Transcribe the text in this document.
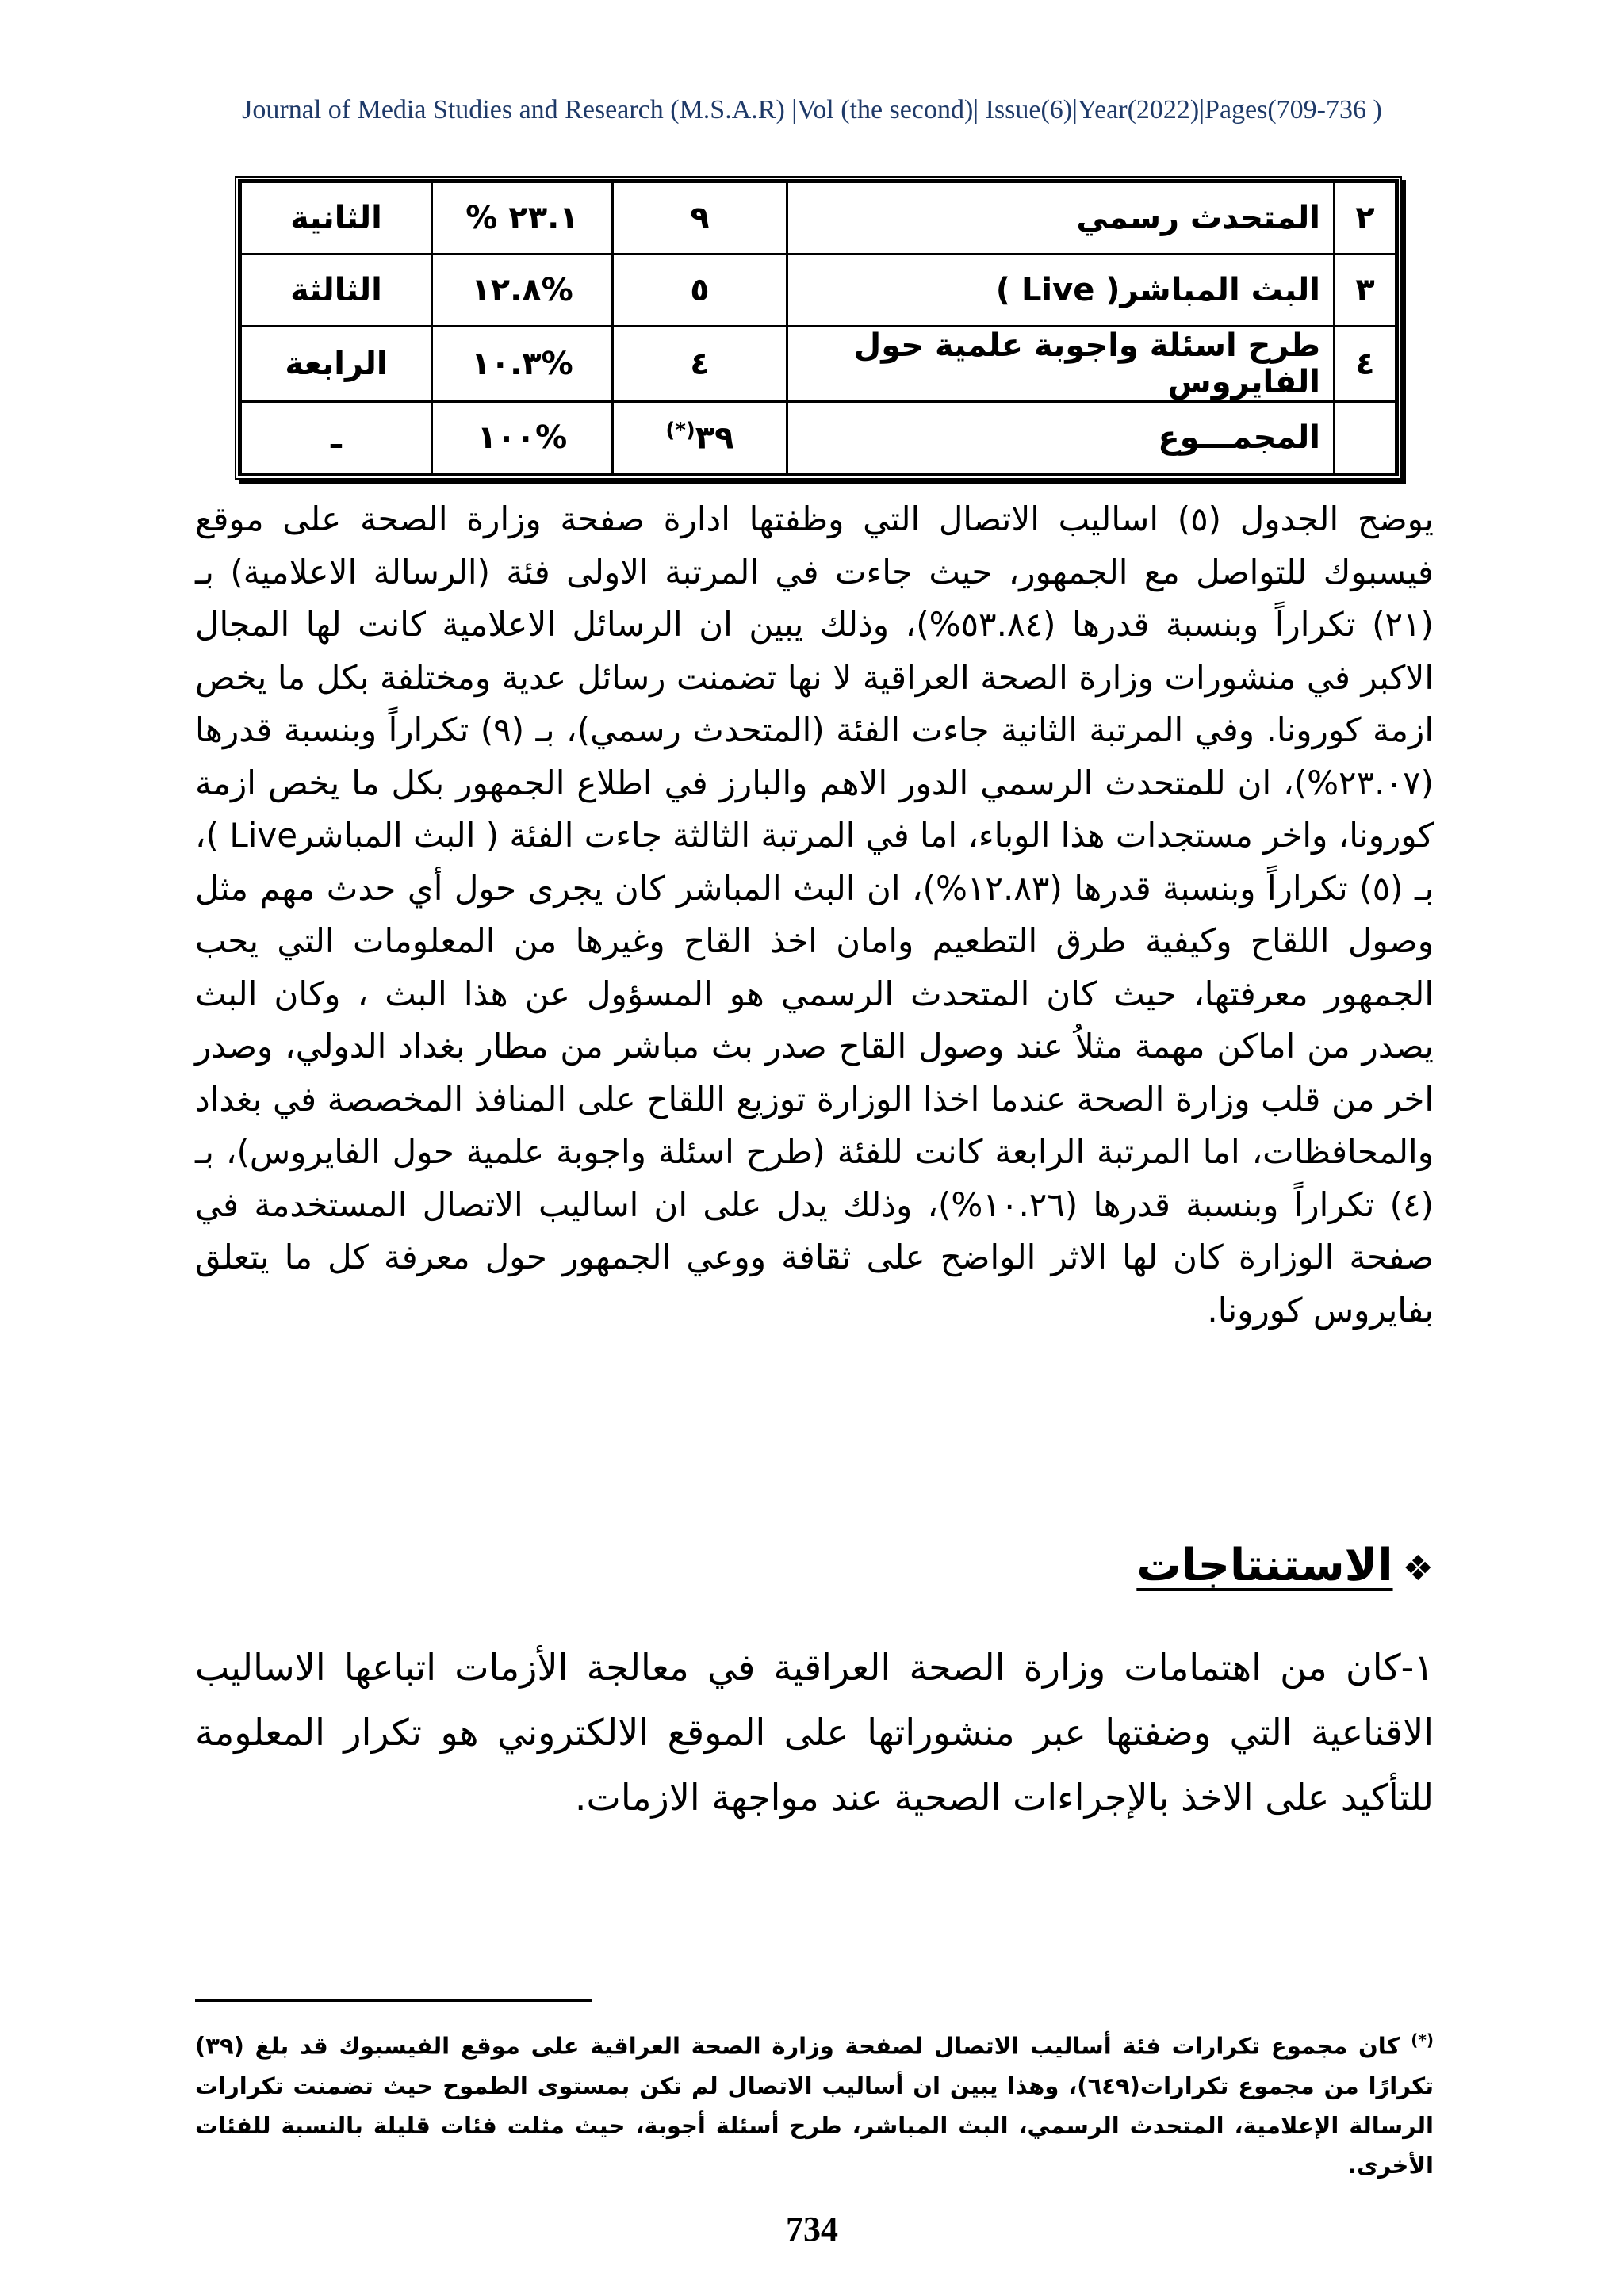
Journal of Media Studies and Research (M.S.A.R) |Vol (the second)| Issue(6)|Year(2022)|Pages(709-736 )
٢	المتحدث رسمي	٩	٢٣.١ %	الثانية
٣	البث المباشر( Live )	٥	%١٢.٨	الثالثة
٤	طرح اسئلة واجوبة علمية حول الفايروس	٤	%١٠.٣	الرابعة
	المجمـــوع	٣٩(*)	%١٠٠	ـ

يوضح الجدول (٥) اساليب الاتصال التي وظفتها ادارة صفحة وزارة الصحة على موقع فيسبوك للتواصل مع الجمهور، حيث جاءت في المرتبة الاولى فئة (الرسالة الاعلامية) بـ (٢١) تكراراً وبنسبة قدرها (٥٣.٨٤%)، وذلك يبين ان الرسائل الاعلامية كانت لها المجال الاكبر في منشورات وزارة الصحة العراقية لا نها تضمنت رسائل عدية ومختلفة بكل ما يخص ازمة كورونا. وفي المرتبة الثانية جاءت الفئة (المتحدث رسمي)، بـ (٩) تكراراً وبنسبة قدرها (٢٣.٠٧%)، ان للمتحدث الرسمي الدور الاهم والبارز في اطلاع الجمهور بكل ما يخص ازمة كورونا، واخر مستجدات هذا الوباء، اما في المرتبة الثالثة جاءت الفئة ( البث المباشرLive )، بـ (٥) تكراراً وبنسبة قدرها (١٢.٨٣%)، ان البث المباشر كان يجرى حول أي حدث مهم مثل وصول اللقاح وكيفية طرق التطعيم وامان اخذ القاح وغيرها من المعلومات التي يحب الجمهور معرفتها، حيث كان المتحدث الرسمي هو المسؤول عن هذا البث ، وكان البث يصدر من اماكن مهمة مثلاُ عند وصول القاح صدر بث مباشر من مطار بغداد الدولي، وصدر اخر من قلب وزارة الصحة عندما اخذا الوزارة توزيع اللقاح على المنافذ المخصصة في بغداد والمحافظات، اما المرتبة الرابعة كانت للفئة (طرح اسئلة واجوبة علمية حول الفايروس)، بـ (٤) تكراراً وبنسبة قدرها (١٠.٢٦%)، وذلك يدل على ان اساليب الاتصال المستخدمة في صفحة الوزارة كان لها الاثر الواضح على ثقافة ووعي الجمهور حول معرفة كل ما يتعلق بفايروس كورونا.

❖الاستنتاجات

١-كان من اهتمامات وزارة الصحة العراقية في معالجة الأزمات اتباعها الاساليب الاقناعية التي وضفتها عبر منشوراتها على الموقع الالكتروني هو تكرار المعلومة للتأكيد على الاخذ بالإجراءات الصحية عند مواجهة الازمات.

(*) كان مجموع تكرارات فئة أساليب الاتصال لصفحة وزارة الصحة العراقية على موقع الفيسبوك قد بلغ (٣٩) تكرارًا من مجموع تكرارات(٦٤٩)، وهذا يبين ان أساليب الاتصال لم تكن بمستوى الطموح حيث تضمنت تكرارات الرسالة الإعلامية، المتحدث الرسمي، البث المباشر، طرح أسئلة أجوبة، حيث مثلت فئات قليلة بالنسبة للفئات الأخرى.

734
